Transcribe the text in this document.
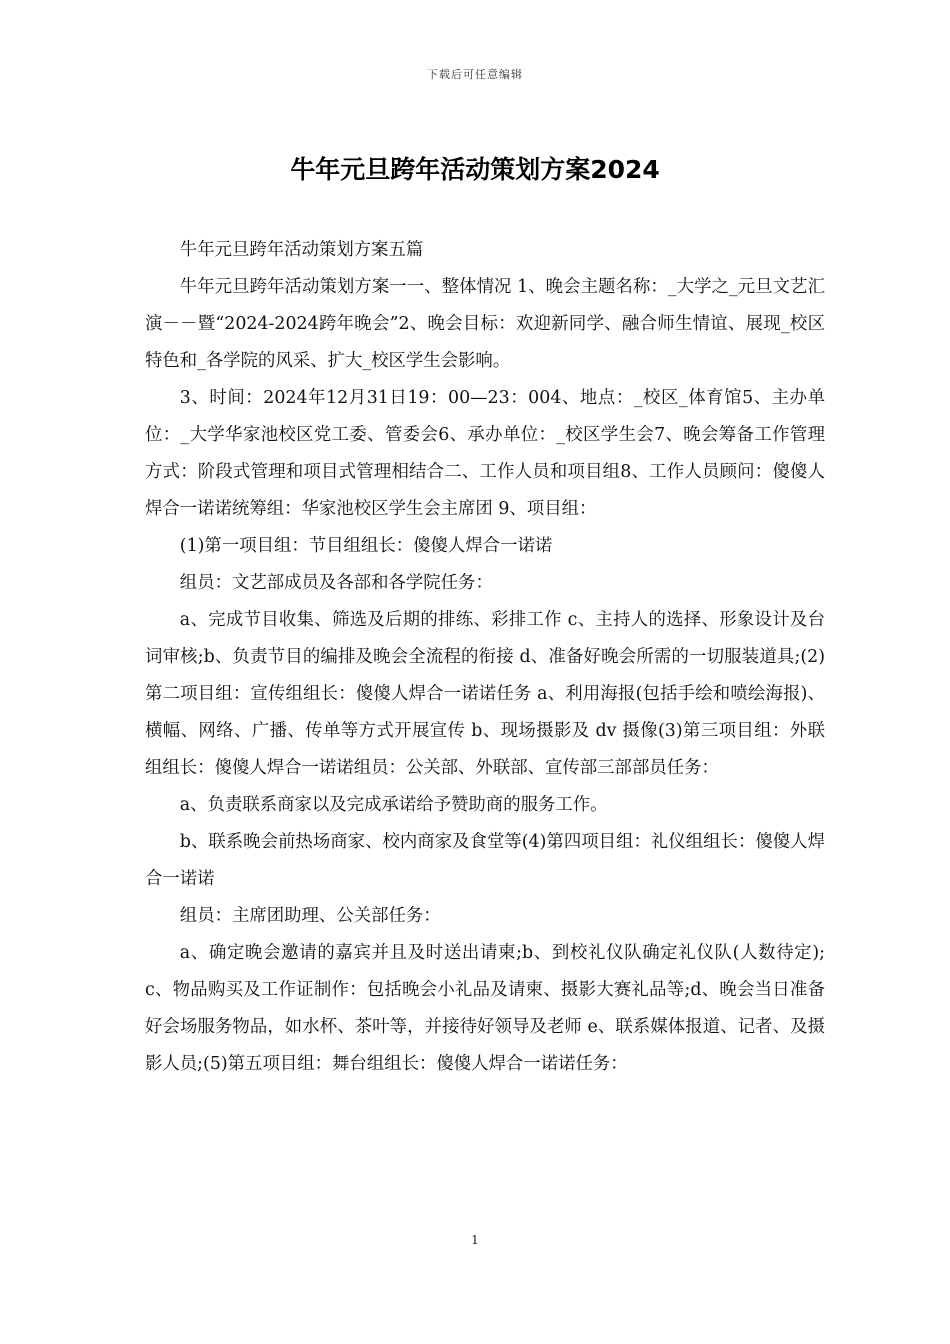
下载后可任意编辑
牛年元旦跨年活动策划方案2024

牛年元旦跨年活动策划方案五篇

牛年元旦跨年活动策划方案一一、整体情况 1、晚会主题名称：_大学之_元旦文艺汇演－－暨“2024-2024跨年晚会”2、晚会目标：欢迎新同学、融合师生情谊、展现_校区特色和_各学院的风采、扩大_校区学生会影响。

3、时间：2024年12月31日19：00—23：004、地点：_校区_体育馆5、主办单位：_大学华家池校区党工委、管委会6、承办单位：_校区学生会7、晚会筹备工作管理方式：阶段式管理和项目式管理相结合二、工作人员和项目组8、工作人员顾问：傻傻人焊合一诺诺统筹组：华家池校区学生会主席团 9、项目组：

(1)第一项目组：节目组组长：傻傻人焊合一诺诺

组员：文艺部成员及各部和各学院任务：

a、完成节目收集、筛选及后期的排练、彩排工作 c、主持人的选择、形象设计及台词审核;b、负责节目的编排及晚会全流程的衔接 d、准备好晚会所需的一切服装道具;(2)第二项目组：宣传组组长：傻傻人焊合一诺诺任务 a、利用海报(包括手绘和喷绘海报)、横幅、网络、广播、传单等方式开展宣传 b、现场摄影及 dv 摄像(3)第三项目组：外联组组长：傻傻人焊合一诺诺组员：公关部、外联部、宣传部三部部员任务：

a、负责联系商家以及完成承诺给予赞助商的服务工作。

b、联系晚会前热场商家、校内商家及食堂等(4)第四项目组：礼仪组组长：傻傻人焊合一诺诺

组员：主席团助理、公关部任务：

a、确定晚会邀请的嘉宾并且及时送出请柬;b、到校礼仪队确定礼仪队(人数待定);c、物品购买及工作证制作：包括晚会小礼品及请柬、摄影大赛礼品等;d、晚会当日准备好会场服务物品，如水杯、茶叶等，并接待好领导及老师 e、联系媒体报道、记者、及摄影人员;(5)第五项目组：舞台组组长：傻傻人焊合一诺诺任务：

1
